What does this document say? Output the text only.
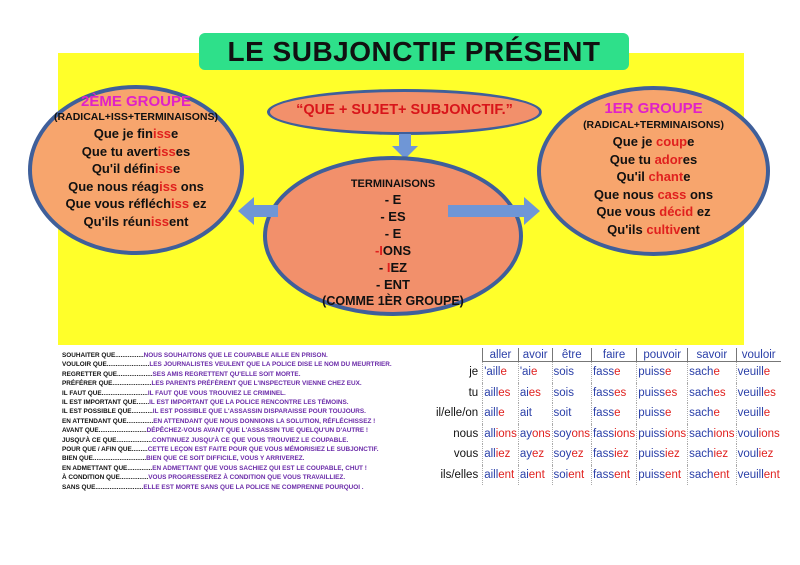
LE SUBJONCTIF PRÉSENT
2ÈME GROUPE
(RADICAL+ISS+TERMINAISONS)
Que je finisse
Que tu avertisses
Qu'il définisse
Que nous réagiss ons
Que vous réfléchiss ez
Qu'ils réunissent
1ER GROUPE
(RADICAL+TERMINAISONS)
Que je coupe
Que tu adores
Qu'il chante
Que nous cass ons
Que vous décid ez
Qu'ils cultivent
“QUE + SUJET+ SUBJONCTIF.”
TERMINAISONS
- E
- ES
- E
-IONS
- IEZ
- ENT
(COMME 1ÈR GROUPE)
SOUHAITER QUE................NOUS SOUHAITONS QUE LE COUPABLE AILLE EN PRISON.
VOULOIR QUE........................LES JOURNALISTES VEULENT QUE LA POLICE DISE LE NOM DU MEURTRIER.
REGRETTER QUE....................SES AMIS REGRETTENT QU'ELLE SOIT MORTE.
PRÉFÉRER QUE......................LES PARENTS PRÉFÈRENT QUE L'INSPECTEUR VIENNE CHEZ EUX.
IL FAUT QUE..........................IL FAUT QUE VOUS TROUVIEZ LE CRIMINEL.
IL EST IMPORTANT QUE.......IL EST IMPORTANT QUE LA POLICE RENCONTRE LES TÉMOINS.
IL EST POSSIBLE QUE............IL EST POSSIBLE QUE L'ASSASSIN DISPARAISSE POUR TOUJOURS.
EN ATTENDANT QUE...............EN ATTENDANT QUE NOUS DONNIONS LA SOLUTION, RÉFLÉCHISSEZ !
AVANT QUE...........................DÉPÊCHEZ-VOUS AVANT QUE L'ASSASSIN TUE QUELQU'UN D'AUTRE !
JUSQU'À CE QUE....................CONTINUEZ JUSQU'À CE QUE VOUS TROUVIEZ LE COUPABLE.
POUR QUE / AFIN QUE.........CETTE LEÇON EST FAITE POUR QUE VOUS MÉMORISIEZ LE SUBJONCTIF.
BIEN QUE..............................BIEN QUE CE SOIT DIFFICILE, VOUS Y ARRIVEREZ.
EN ADMETTANT QUE..............EN ADMETTANT QUE VOUS SACHIEZ QUI EST LE COUPABLE, CHUT !
À CONDITION QUE................VOUS PROGRESSEREZ À CONDITION QUE VOUS TRAVAILLIEZ.
SANS QUE...........................ELLE EST MORTE SANS QUE LA POLICE NE COMPRENNE POURQUOI .
	aller	avoir	être	faire	pouvoir	savoir	vouloir
je	'aille	'aie	sois	fasse	puisse	sache	veuille
tu	ailles	aies	sois	fasses	puisses	saches	veuilles
il/elle/on	aille	ait	soit	fasse	puisse	sache	veuille
nous	allions	ayons	soyons	fassions	puissions	sachions	voulions
vous	alliez	ayez	soyez	fassiez	puissiez	sachiez	vouliez
ils/elles	aillent	aient	soient	fassent	puissent	sachent	veuillent
